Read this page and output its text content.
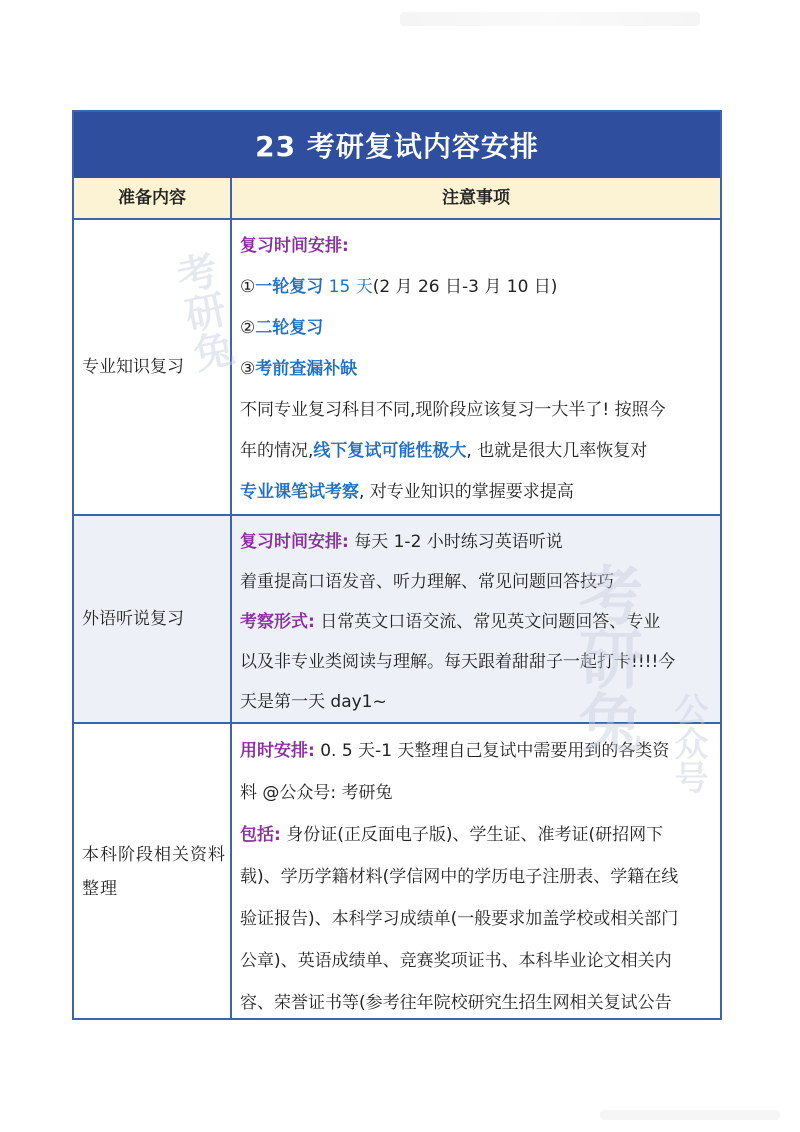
23 考研复试内容安排
准备内容	注意事项
专业知识复习
复习时间安排:
①一轮复习 15 天(2 月 26 日-3 月 10 日)
②二轮复习
③考前查漏补缺
不同专业复习科目不同,现阶段应该复习一大半了! 按照今
年的情况,线下复试可能性极大, 也就是很大几率恢复对
专业课笔试考察, 对专业知识的掌握要求提高
外语听说复习
复习时间安排: 每天 1-2 小时练习英语听说
着重提高口语发音、听力理解、常见问题回答技巧
考察形式: 日常英文口语交流、常见英文问题回答、专业
以及非专业类阅读与理解。每天跟着甜甜子一起打卡!!!!今
天是第一天 day1~
本科阶段相关资料整理
用时安排: 0. 5 天-1 天整理自己复试中需要用到的各类资
料 @公众号: 考研兔
包括: 身份证(正反面电子版)、学生证、准考证(研招网下
载)、学历学籍材料(学信网中的学历电子注册表、学籍在线
验证报告)、本科学习成绩单(一般要求加盖学校或相关部门
公章)、英语成绩单、竞赛奖项证书、本科毕业论文相关内
容、荣誉证书等(参考往年院校研究生招生网相关复试公告
考研兔
考研兔 公众号
